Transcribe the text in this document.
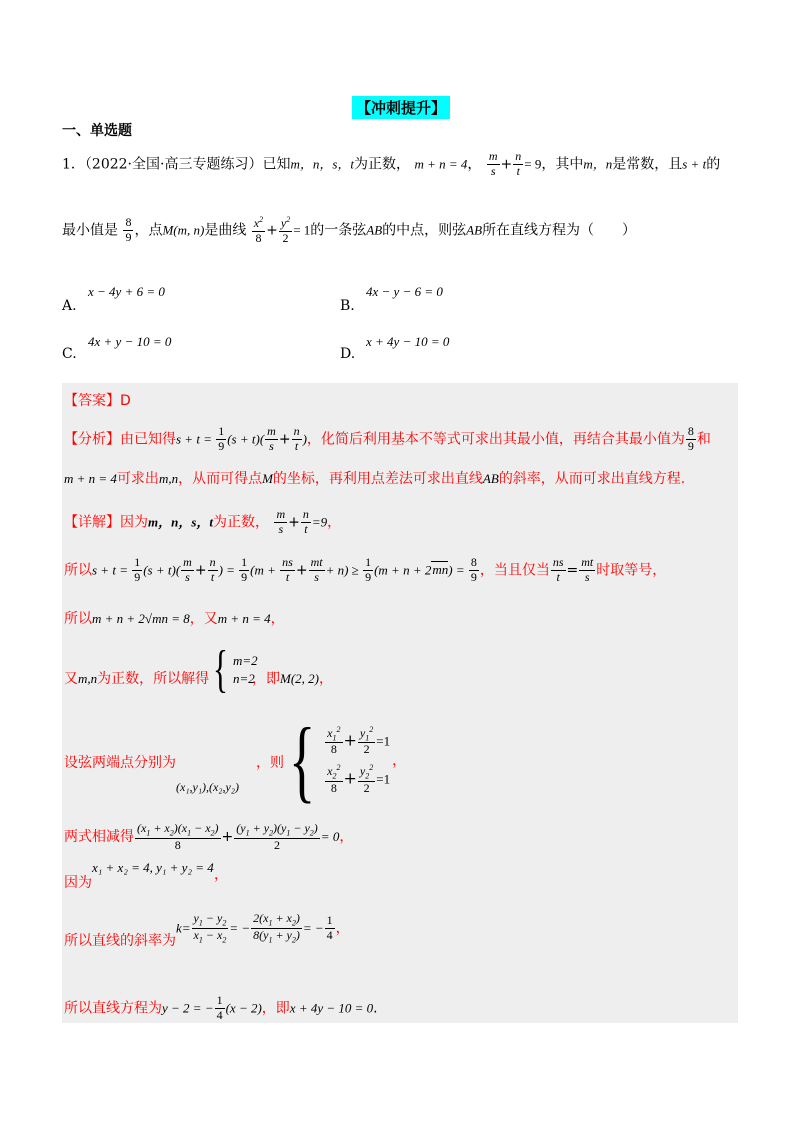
【冲刺提升】
一、单选题
1．（2022·全国·高三专题练习）已知m，n，s，t为正数， m + n = 4， $\frac{m}{s} + \frac{n}{t} = 9$，其中m，n是常数，且s + t的
最小值是 $\frac{8}{9}$ ，点M(m, n)是曲线 $\frac{x^2}{8} + \frac{y^2}{2} = 1$的一条弦AB的中点，则弦AB所在直线方程为（　　）
A.
x − 4y + 6 = 0
B.
4x − y − 6 = 0
C.
4x + y − 10 = 0
D.
x + 4y − 10 = 0
【答案】D
【分析】由已知得$s + t = \frac{1}{9} (s + t)( \frac{m}{s} + \frac{n}{t}$ )，化简后利用基本不等式可求出其最小值，再结合其最小值为 $\frac{8}{9}$ 和
m + n = 4可求出m,n，从而可得点M的坐标，再利用点差法可求出直线AB的斜率，从而可求出直线方程.
【详解】因为m，n，s，t为正数， $\frac{m}{s} + \frac{n}{t} =9$，
所以$s + t = \frac{1}{9} (s + t)( \frac{m}{s} + \frac{n}{t}$ ) = $\frac{1}{9} (m + \frac{ns}{t} + \frac{mt}{s} + n) \ge \frac{1}{9} (m + n + 2mn) = \frac{8}{9}$ ，当且仅当 $\frac{ns}{t} = \frac{mt}{s}$ 时取等号，
所以m + n + 2√mn = 8，又m + n = 4，
又m,n为正数，所以解得 { m=2
n=2
，即M(2, 2)，
设弦两端点分别为
(x₁,y₁),(x₂,y₂)
，则 { $\frac{x_1^2}{8} + \frac{y_1^2}{2} =1$
$\frac{x_2^2}{8} + \frac{y_2^2}{2} =1$
，
两式相减得 $\frac{(x_1 + x_2)(x_1 - x_2)}{8} + \frac{(y_1 + y_2)(y_1 - y_2)}{2} = 0$，
因为
x₁ + x₂ = 4, y₁ + y₂ = 4 ，
所以直线的斜率为
$k= \frac{y_1 - y_2}{x_1 - x_2}$ = − $\frac{2(x_1 + x_2)}{8(y_1 + y_2)}$ = − $\frac{1}{4}$ ，
所以直线方程为y − 2 = − $\frac{1}{4} (x - 2)$，即x + 4y − 10 = 0.
